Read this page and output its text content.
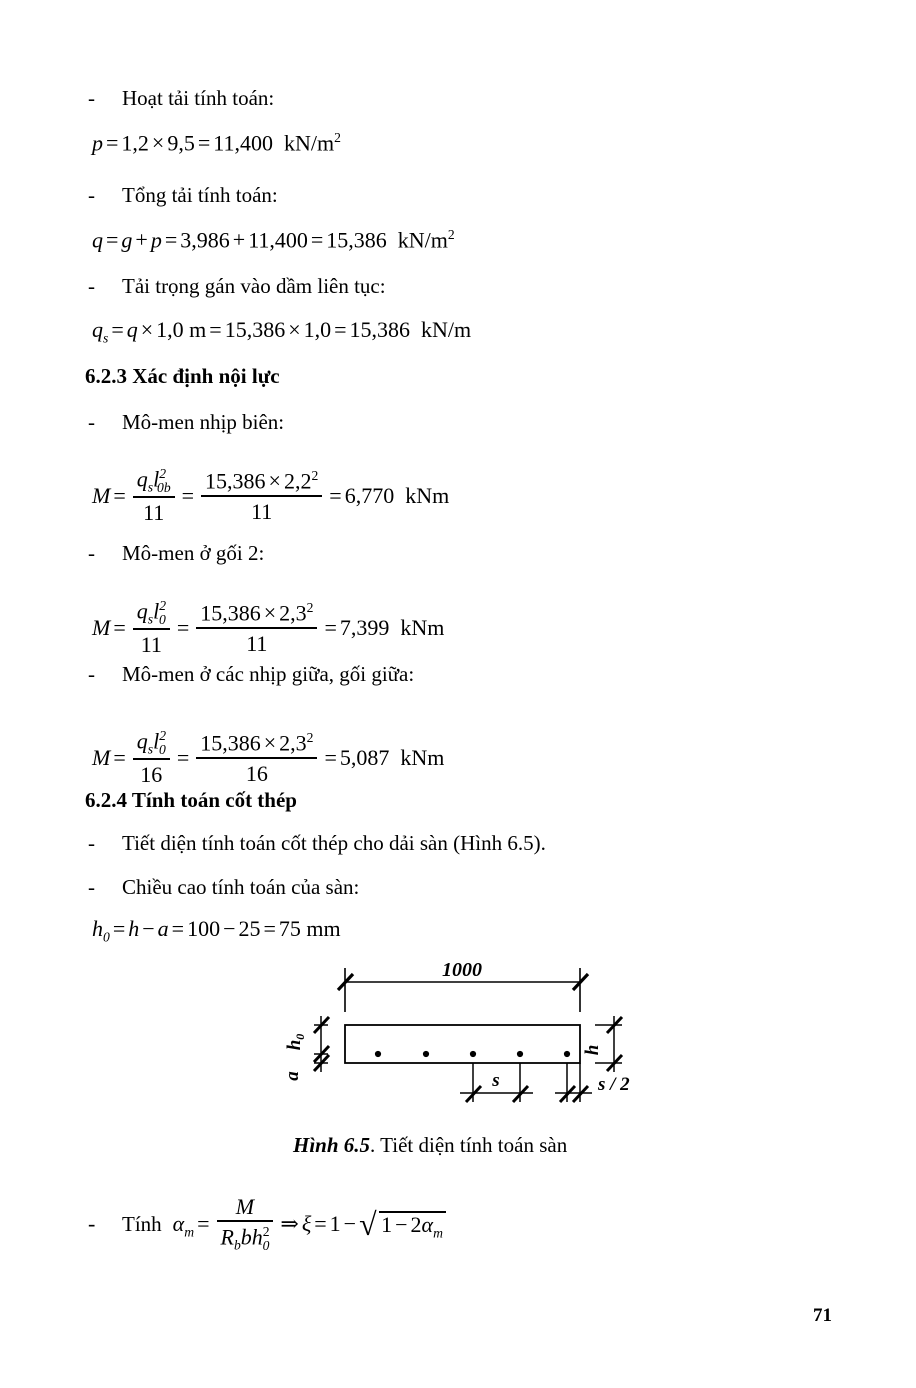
- Hoạt tải tính toán:
p = 1,2 × 9,5 = 11,400 $kN/m^2$
- Tổng tải tính toán:
q = g + p = 3,986 + 11,400 = 15,386 $kN/m^2$
- Tải trọng gán vào dầm liên tục:
$q_s = q \times 1,0$ m = 15,386 × 1,0 = 15,386 kN/m
6.2.3 Xác định nội lực
- Mô-men nhịp biên:
$M = \frac{q_sl^2_{0b}}{11} = \frac{15,386 \times 2,2^2}{11} = 6,770$ kNm
- Mô-men ở gối 2:
$M = \frac{q_sl^2_0}{11} = \frac{15,386 \times 2,3^2}{11} = 7,399$ kNm
- Mô-men ở các nhịp giữa, gối giữa:
$M = \frac{q_sl^2_0}{16} = \frac{15,386 \times 2,3^2}{16} = 5,087$ kNm
6.2.4 Tính toán cốt thép
- Tiết diện tính toán cốt thép cho dải sàn (Hình 6.5).
- Chiều cao tính toán của sàn:
$h_0 = h - a = 100 - 25 = 75$ mm
1000
$h_0$
a
h
s	s / 2
Hình 6.5. Tiết diện tính toán sàn
- Tính $\alpha_m = \frac{M}{R_bbh^2_0}$ ⇒ ξ = 1 − √ $1 - 2\alpha_m$
71
